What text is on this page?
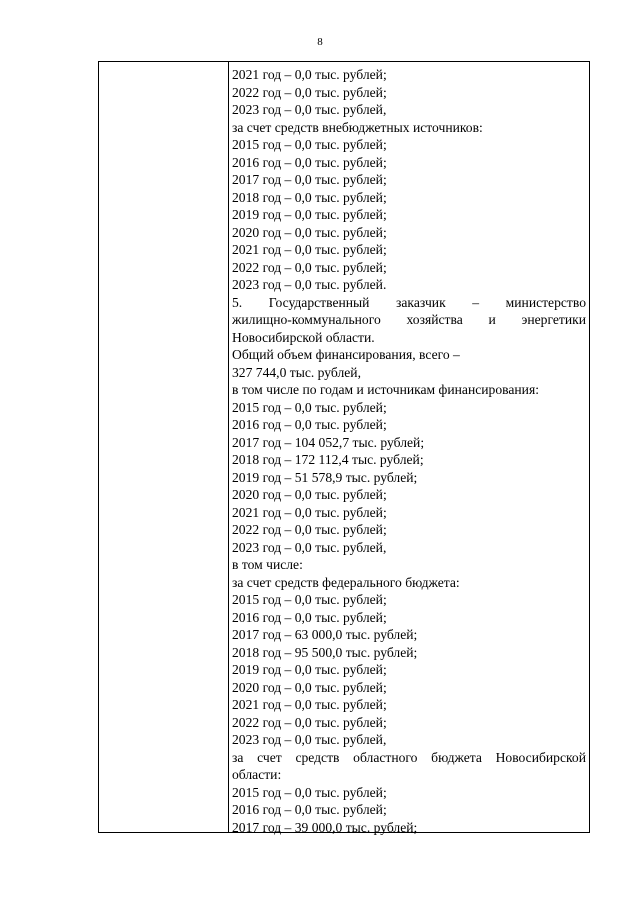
8
2021 год – 0,0 тыс. рублей;
2022 год – 0,0 тыс. рублей;
2023 год – 0,0 тыс. рублей,
за счет средств внебюджетных источников:
2015 год – 0,0 тыс. рублей;
2016 год – 0,0 тыс. рублей;
2017 год – 0,0 тыс. рублей;
2018 год – 0,0 тыс. рублей;
2019 год – 0,0 тыс. рублей;
2020 год – 0,0 тыс. рублей;
2021 год – 0,0 тыс. рублей;
2022 год – 0,0 тыс. рублей;
2023 год – 0,0 тыс. рублей.
5. Государственный заказчик – министерство
жилищно-коммунального хозяйства и энергетики
Новосибирской области.
Общий объем финансирования, всего –
327 744,0 тыс. рублей,
в том числе по годам и источникам финансирования:
2015 год – 0,0 тыс. рублей;
2016 год – 0,0 тыс. рублей;
2017 год – 104 052,7 тыс. рублей;
2018 год – 172 112,4 тыс. рублей;
2019 год – 51 578,9 тыс. рублей;
2020 год – 0,0 тыс. рублей;
2021 год – 0,0 тыс. рублей;
2022 год – 0,0 тыс. рублей;
2023 год – 0,0 тыс. рублей,
в том числе:
за счет средств федерального бюджета:
2015 год – 0,0 тыс. рублей;
2016 год – 0,0 тыс. рублей;
2017 год – 63 000,0 тыс. рублей;
2018 год – 95 500,0 тыс. рублей;
2019 год – 0,0 тыс. рублей;
2020 год – 0,0 тыс. рублей;
2021 год – 0,0 тыс. рублей;
2022 год – 0,0 тыс. рублей;
2023 год – 0,0 тыс. рублей,
за счет средств областного бюджета Новосибирской
области:
2015 год – 0,0 тыс. рублей;
2016 год – 0,0 тыс. рублей;
2017 год – 39 000,0 тыс. рублей;
